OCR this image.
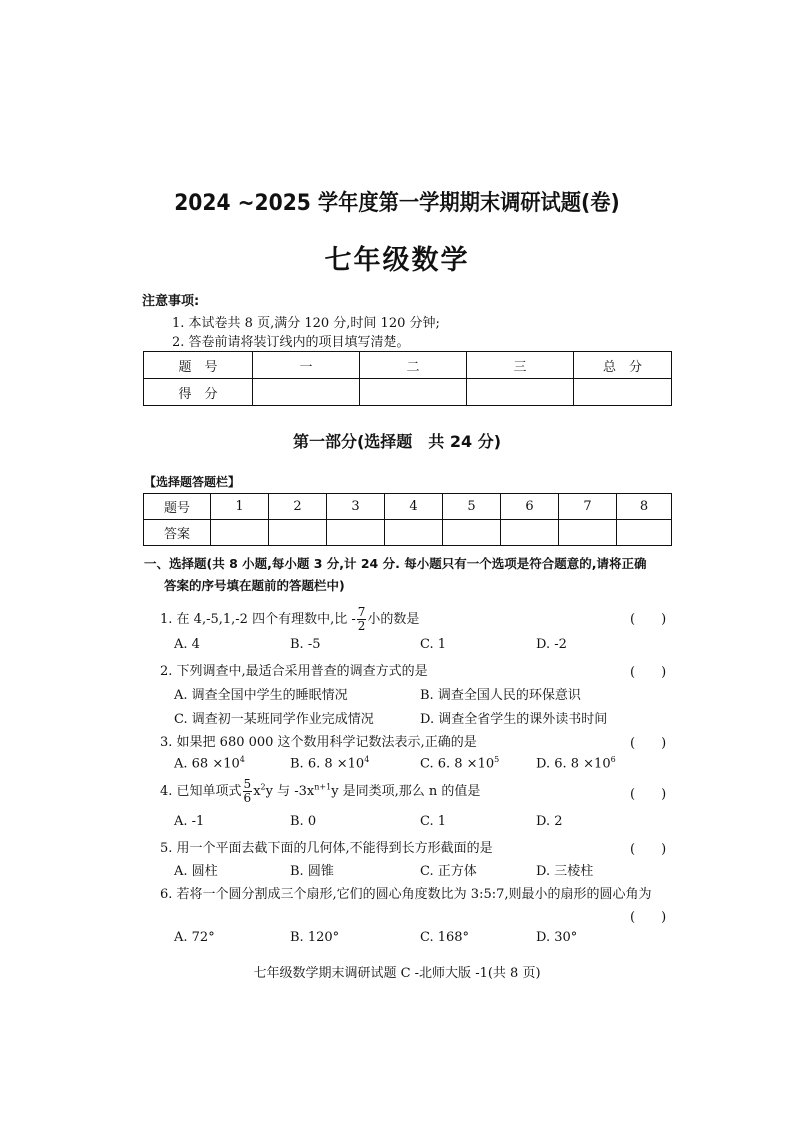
2024 ~2025 学年度第一学期期末调研试题(卷)
七年级数学
注意事项:
1. 本试卷共 8 页,满分 120 分,时间 120 分钟;
2. 答卷前请将装订线内的项目填写清楚。
题　号	一	二	三	总　分
得　分				
第一部分(选择题　共 24 分)
【选择题答题栏】
题号	1	2	3	4	5	6	7	8
答案								
一、选择题(共 8 小题,每小题 3 分,计 24 分. 每小题只有一个选项是符合题意的,请将正确
答案的序号填在题前的答题栏中)
1. 在 4,-5,1,-2 四个有理数中,比 - $\frac{7}{2}$ 小的数是	(　　)
A. 4	B. -5	C. 1	D. -2
2. 下列调查中,最适合采用普查的调查方式的是	(　　)
A. 调查全国中学生的睡眠情况	B. 调查全国人民的环保意识
C. 调查初一某班同学作业完成情况	D. 调查全省学生的课外读书时间
3. 如果把 680 000 这个数用科学记数法表示,正确的是	(　　)
A. $68 \times 10^4$	B. 6. $8 \times 10^4$	C. 6. $8 \times 10^5$	D. 6. $8 \times 10^6$
4. 已知单项式 $\frac{5}{6} x^2y$ 与 $-3x^{n+1}y$ 是同类项,那么 n 的值是	(　　)
A. -1	B. 0	C. 1	D. 2
5. 用一个平面去截下面的几何体,不能得到长方形截面的是	(　　)
A. 圆柱	B. 圆锥	C. 正方体	D. 三棱柱
6. 若将一个圆分割成三个扇形,它们的圆心角度数比为 3:5:7,则最小的扇形的圆心角为
(　　)
A. 72°	B. 120°	C. 168°	D. 30°
七年级数学期末调研试题 C -北师大版 -1(共 8 页)
